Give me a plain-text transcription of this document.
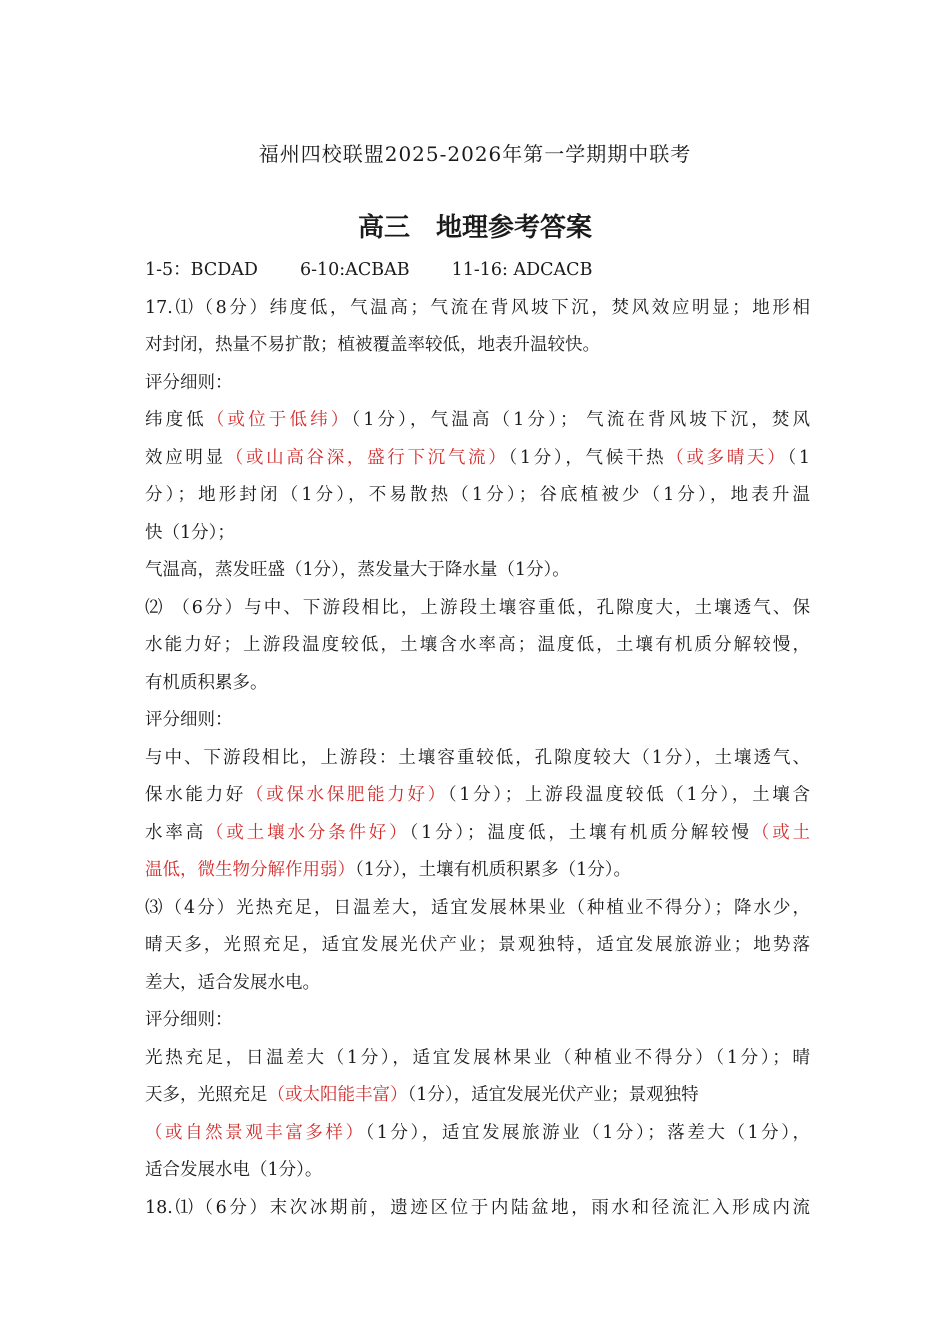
福州四校联盟2025-2026年第一学期期中联考
高三 地理参考答案
1-5：BCDAD 6-10:ACBAB 11-16: ADCACB
17.⑴（8分）纬度低，气温高；气流在背风坡下沉，焚风效应明显；地形相
对封闭，热量不易扩散；植被覆盖率较低，地表升温较快。
评分细则：
纬度低（或位于低纬）（1分），气温高（1分）； 气流在背风坡下沉，焚风
效应明显（或山高谷深，盛行下沉气流）（1分），气候干热（或多晴天）（1
分）；地形封闭（1分），不易散热（1分）；谷底植被少（1分），地表升温
快（1分）；
气温高，蒸发旺盛（1分），蒸发量大于降水量（1分）。
⑵ （6分）与中、下游段相比，上游段土壤容重低，孔隙度大，土壤透气、保
水能力好；上游段温度较低，土壤含水率高；温度低，土壤有机质分解较慢，
有机质积累多。
评分细则：
与中、下游段相比，上游段：土壤容重较低，孔隙度较大（1分），土壤透气、
保水能力好（或保水保肥能力好）（1分）；上游段温度较低（1分），土壤含
水率高（或土壤水分条件好）（1分）；温度低，土壤有机质分解较慢（或土
温低，微生物分解作用弱）（1分），土壤有机质积累多（1分）。
⑶（4分）光热充足，日温差大，适宜发展林果业（种植业不得分）；降水少，
晴天多，光照充足，适宜发展光伏产业；景观独特，适宜发展旅游业；地势落
差大，适合发展水电。
评分细则：
光热充足，日温差大（1分），适宜发展林果业（种植业不得分）（1分）；晴
天多，光照充足（或太阳能丰富）（1分），适宜发展光伏产业；景观独特
（或自然景观丰富多样）（1分），适宜发展旅游业（1分）；落差大（1分），
适合发展水电（1分）。
18.⑴（6分）末次冰期前，遗迹区位于内陆盆地，雨水和径流汇入形成内流
